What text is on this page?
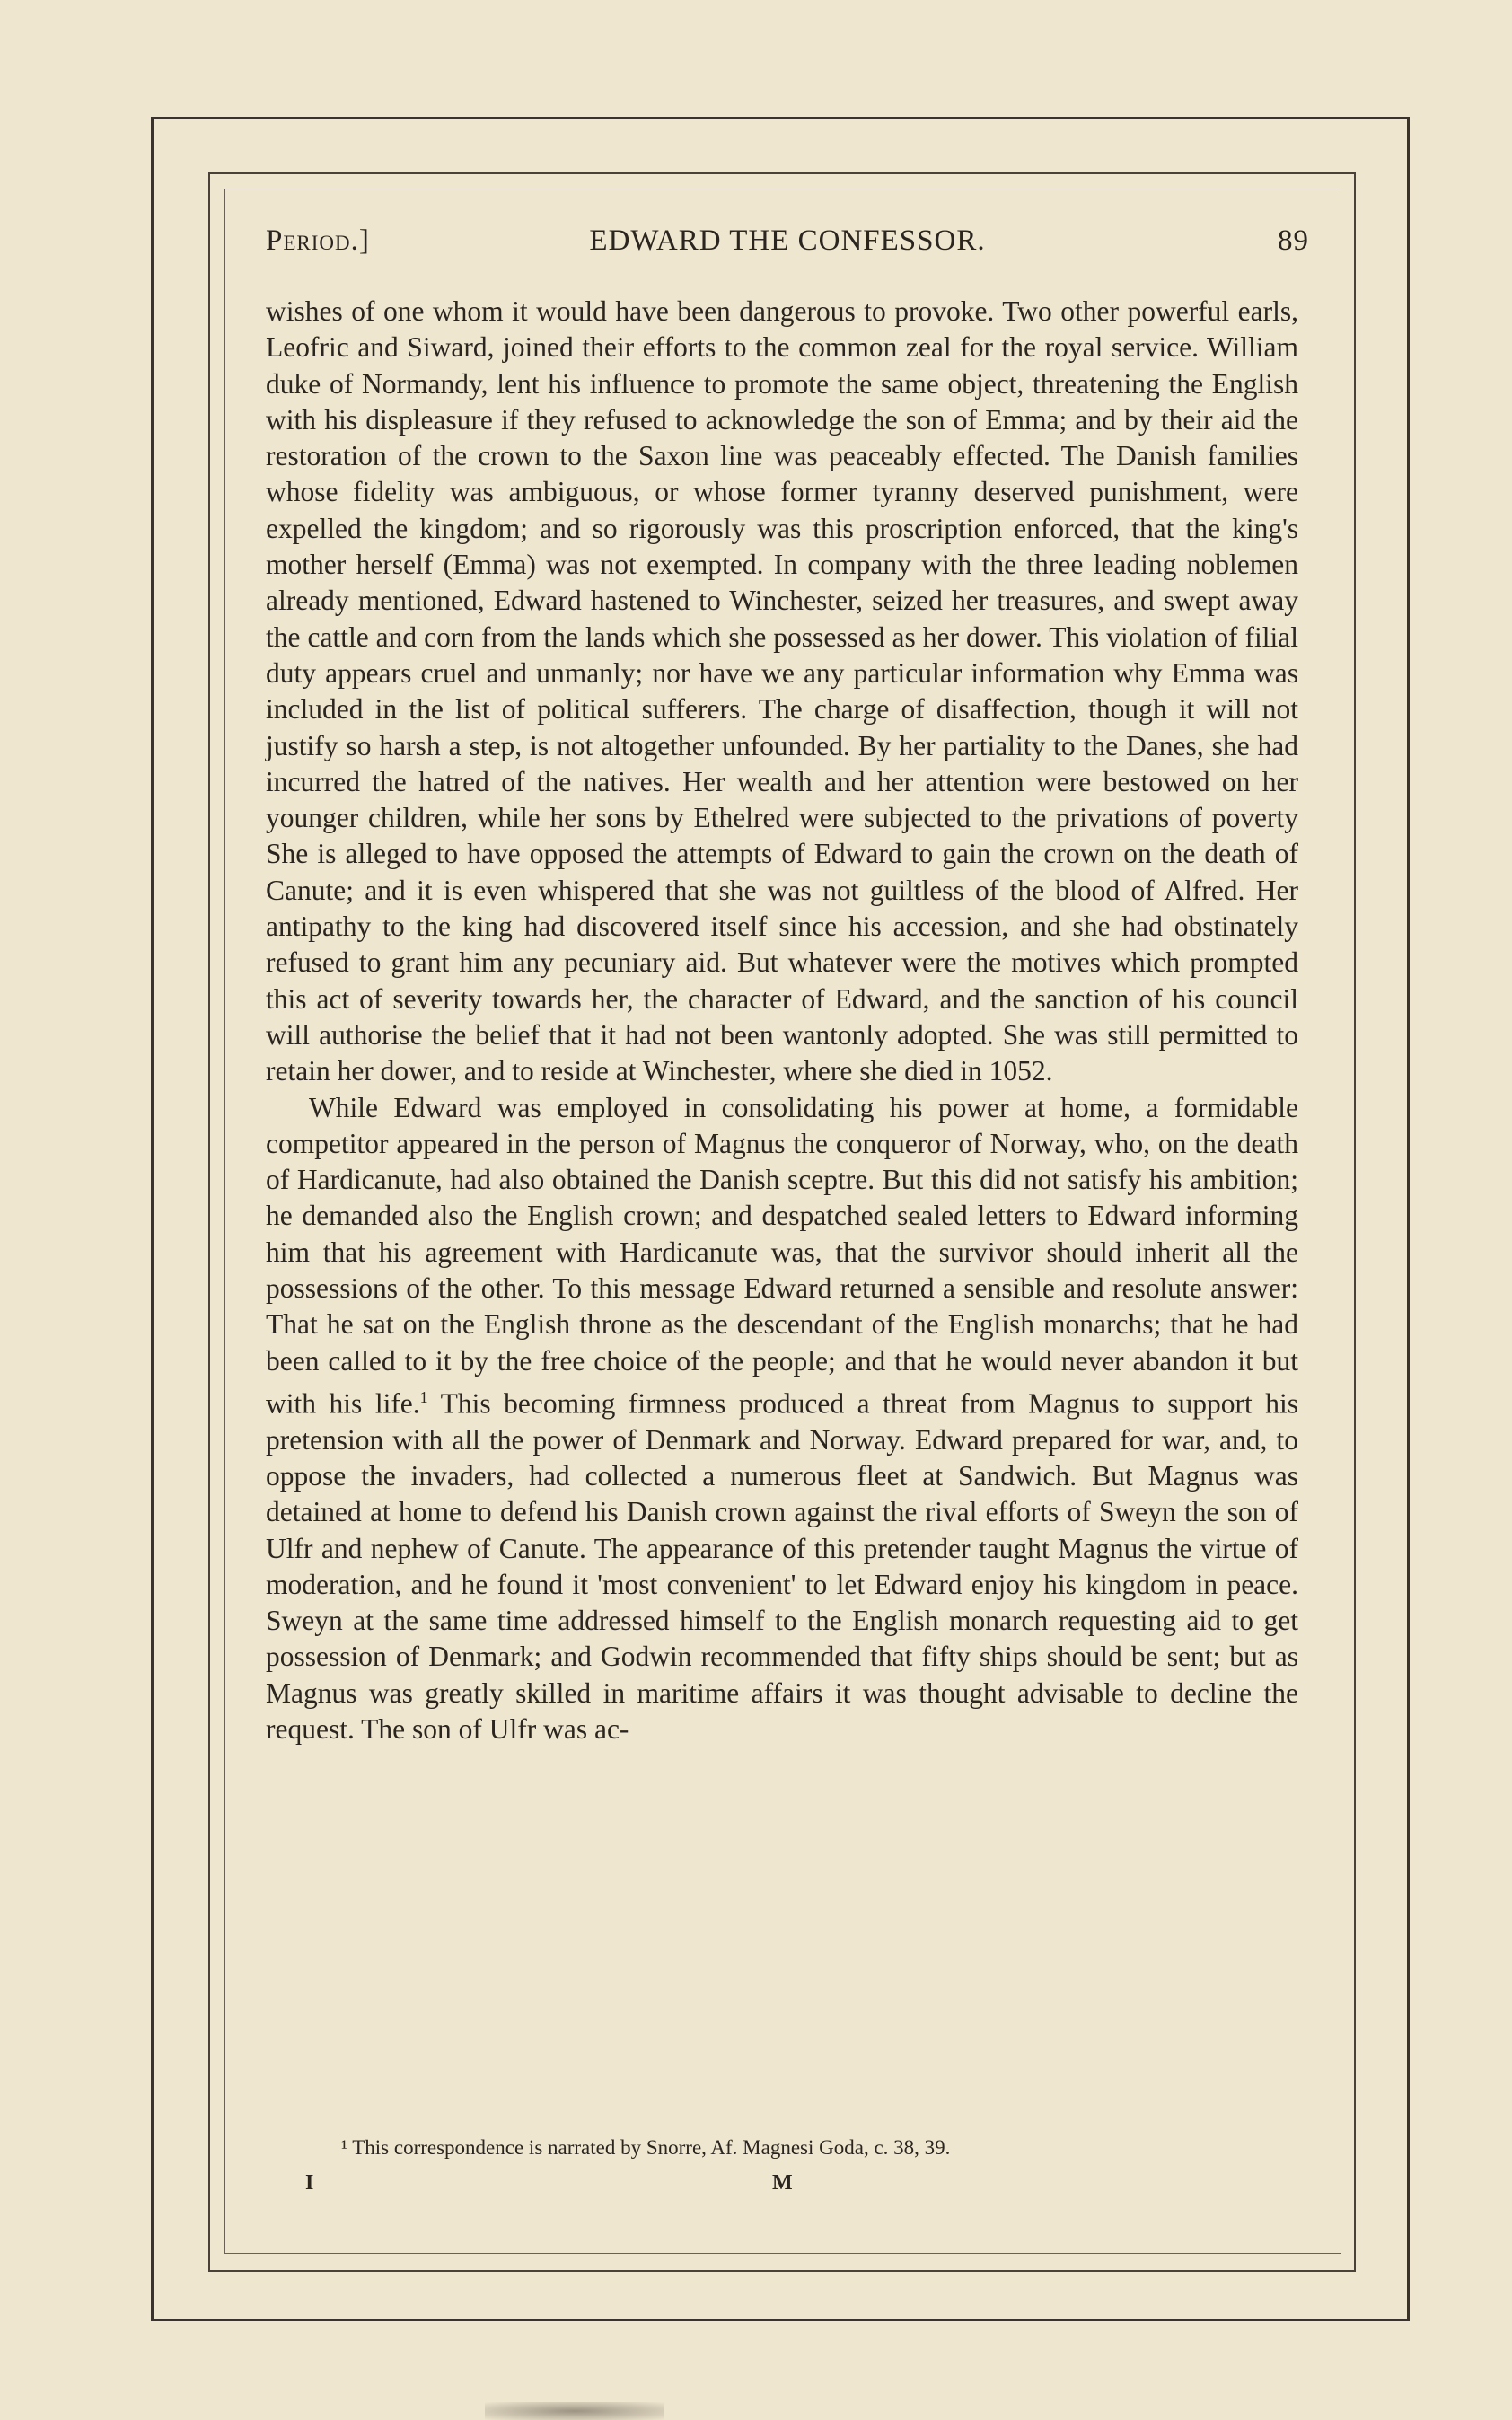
Period.]	EDWARD THE CONFESSOR.	89

wishes of one whom it would have been dangerous to provoke. Two other powerful earls, Leofric and Siward, joined their efforts to the common zeal for the royal service. William duke of Normandy, lent his influence to promote the same object, threatening the English with his displeasure if they refused to acknowledge the son of Emma; and by their aid the restoration of the crown to the Saxon line was peaceably effected. The Danish families whose fidelity was ambiguous, or whose former tyranny deserved punishment, were expelled the kingdom; and so rigorously was this proscription enforced, that the king's mother herself (Emma) was not exempted. In company with the three leading noblemen already mentioned, Edward hastened to Winchester, seized her treasures, and swept away the cattle and corn from the lands which she possessed as her dower. This violation of filial duty appears cruel and unmanly; nor have we any particular information why Emma was included in the list of political sufferers. The charge of disaffection, though it will not justify so harsh a step, is not altogether unfounded. By her partiality to the Danes, she had incurred the hatred of the natives. Her wealth and her attention were bestowed on her younger children, while her sons by Ethelred were subjected to the privations of poverty She is alleged to have opposed the attempts of Edward to gain the crown on the death of Canute; and it is even whispered that she was not guiltless of the blood of Alfred. Her antipathy to the king had discovered itself since his accession, and she had obstinately refused to grant him any pecuniary aid. But whatever were the motives which prompted this act of severity towards her, the character of Edward, and the sanction of his council will authorise the belief that it had not been wantonly adopted. She was still permitted to retain her dower, and to reside at Winchester, where she died in 1052.

While Edward was employed in consolidating his power at home, a formidable competitor appeared in the person of Magnus the conqueror of Norway, who, on the death of Hardicanute, had also obtained the Danish sceptre. But this did not satisfy his ambition; he demanded also the English crown; and despatched sealed letters to Edward informing him that his agreement with Hardicanute was, that the survivor should inherit all the possessions of the other. To this message Edward returned a sensible and resolute answer: That he sat on the English throne as the descendant of the English monarchs; that he had been called to it by the free choice of the people; and that he would never abandon it but with his life.$^1$ This becoming firmness produced a threat from Magnus to support his pretension with all the power of Denmark and Norway. Edward prepared for war, and, to oppose the invaders, had collected a numerous fleet at Sandwich. But Magnus was detained at home to defend his Danish crown against the rival efforts of Sweyn the son of Ulfr and nephew of Canute. The appearance of this pretender taught Magnus the virtue of moderation, and he found it 'most convenient' to let Edward enjoy his kingdom in peace. Sweyn at the same time addressed himself to the English monarch requesting aid to get possession of Denmark; and Godwin recommended that fifty ships should be sent; but as Magnus was greatly skilled in maritime affairs it was thought advisable to decline the request. The son of Ulfr was ac-

¹ This correspondence is narrated by Snorre, Af. Magnesi Goda, c. 38, 39.
I	M
